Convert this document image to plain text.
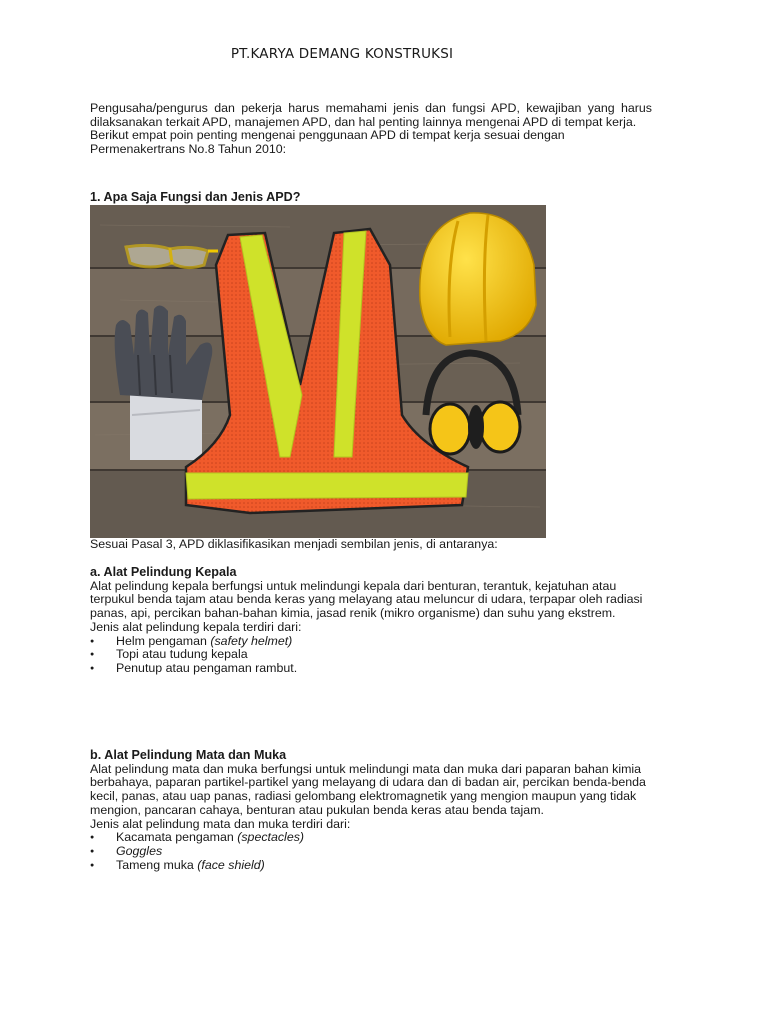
PT.KARYA DEMANG KONSTRUKSI

Pengusaha/pengurus dan pekerja harus memahami jenis dan fungsi APD, kewajiban yang harus dilaksanakan terkait APD, manajemen APD, dan hal penting lainnya mengenai APD di tempat kerja.

Berikut empat poin penting mengenai penggunaan APD di tempat kerja sesuai dengan Permenakertrans No.8 Tahun 2010:

1. Apa Saja Fungsi dan Jenis APD?
Sesuai Pasal 3, APD diklasifikasikan menjadi sembilan jenis, di antaranya:
a. Alat Pelindung Kepala

Alat pelindung kepala berfungsi untuk melindungi kepala dari benturan, terantuk, kejatuhan atau terpukul benda tajam atau benda keras yang melayang atau meluncur di udara, terpapar oleh radiasi panas, api, percikan bahan-bahan kimia, jasad renik (mikro organisme) dan suhu yang ekstrem.

Jenis alat pelindung kepala terdiri dari:

● Helm pengaman (safety helmet)
● Topi atau tudung kepala
● Penutup atau pengaman rambut.
b. Alat Pelindung Mata dan Muka

Alat pelindung mata dan muka berfungsi untuk melindungi mata dan muka dari paparan bahan kimia berbahaya, paparan partikel-partikel yang melayang di udara dan di badan air, percikan benda-benda kecil, panas, atau uap panas, radiasi gelombang elektromagnetik yang mengion maupun yang tidak mengion, pancaran cahaya, benturan atau pukulan benda keras atau benda tajam.

Jenis alat pelindung mata dan muka terdiri dari:

● Kacamata pengaman (spectacles)
● Goggles
● Tameng muka (face shield)
